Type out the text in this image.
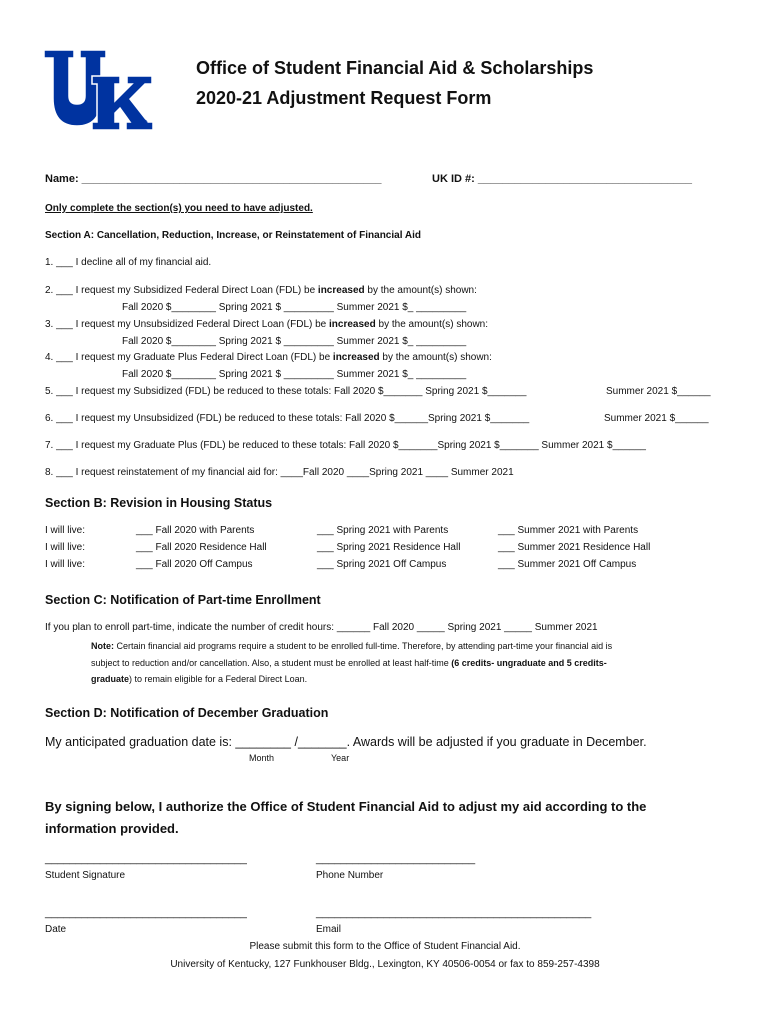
®
Office of Student Financial Aid & Scholarships
2020-21 Adjustment Request Form
Name: _________________________________________________	UK ID #: ___________________________________
Only complete the section(s) you need to have adjusted.
Section A: Cancellation, Reduction, Increase, or Reinstatement of Financial Aid
1. ___ I decline all of my financial aid.
2. ___ I request my Subsidized Federal Direct Loan (FDL) be increased by the amount(s) shown:
Fall 2020 $________ Spring 2021 $ _________ Summer 2021 $_ _________
3. ___ I request my Unsubsidized Federal Direct Loan (FDL) be increased by the amount(s) shown:
Fall 2020 $________ Spring 2021 $ _________ Summer 2021 $_ _________
4. ___ I request my Graduate Plus Federal Direct Loan (FDL) be increased by the amount(s) shown:
Fall 2020 $________ Spring 2021 $ _________ Summer 2021 $_ _________
5. ___ I request my Subsidized (FDL) be reduced to these totals: Fall 2020 $_______ Spring 2021 $_______	Summer 2021 $______
6. ___ I request my Unsubsidized (FDL) be reduced to these totals: Fall 2020 $______Spring 2021 $_______	Summer 2021 $______
7. ___ I request my Graduate Plus (FDL) be reduced to these totals: Fall 2020 $_______Spring 2021 $_______ Summer 2021 $______
8. ___ I request reinstatement of my financial aid for: ____Fall 2020 ____Spring 2021 ____ Summer 2021
Section B: Revision in Housing Status
I will live:	___ Fall 2020 with Parents	___ Spring 2021 with Parents	___ Summer 2021 with Parents
I will live:	___ Fall 2020 Residence Hall	___ Spring 2021 Residence Hall	___ Summer 2021 Residence Hall
I will live:	___ Fall 2020 Off Campus	___ Spring 2021 Off Campus	___ Summer 2021 Off Campus
Section C: Notification of Part-time Enrollment
If you plan to enroll part-time, indicate the number of credit hours: ______ Fall 2020 _____ Spring 2021 _____ Summer 2021
Note: Certain financial aid programs require a student to be enrolled full-time. Therefore, by attending part-time your financial aid is
subject to reduction and/or cancellation. Also, a student must be enrolled at least half-time (6 credits- ungraduate and 5 credits-
graduate) to remain eligible for a Federal Direct Loan.
Section D: Notification of December Graduation
My anticipated graduation date is: ________ /_______. Awards will be adjusted if you graduate in December.
Month	Year
By signing below, I authorize the Office of Student Financial Aid to adjust my aid according to the
information provided.
_________________________________
Student Signature
__________________________
Phone Number
_________________________________
Date
_____________________________________________
Email
Please submit this form to the Office of Student Financial Aid.
University of Kentucky, 127 Funkhouser Bldg., Lexington, KY 40506-0054 or fax to 859-257-4398
